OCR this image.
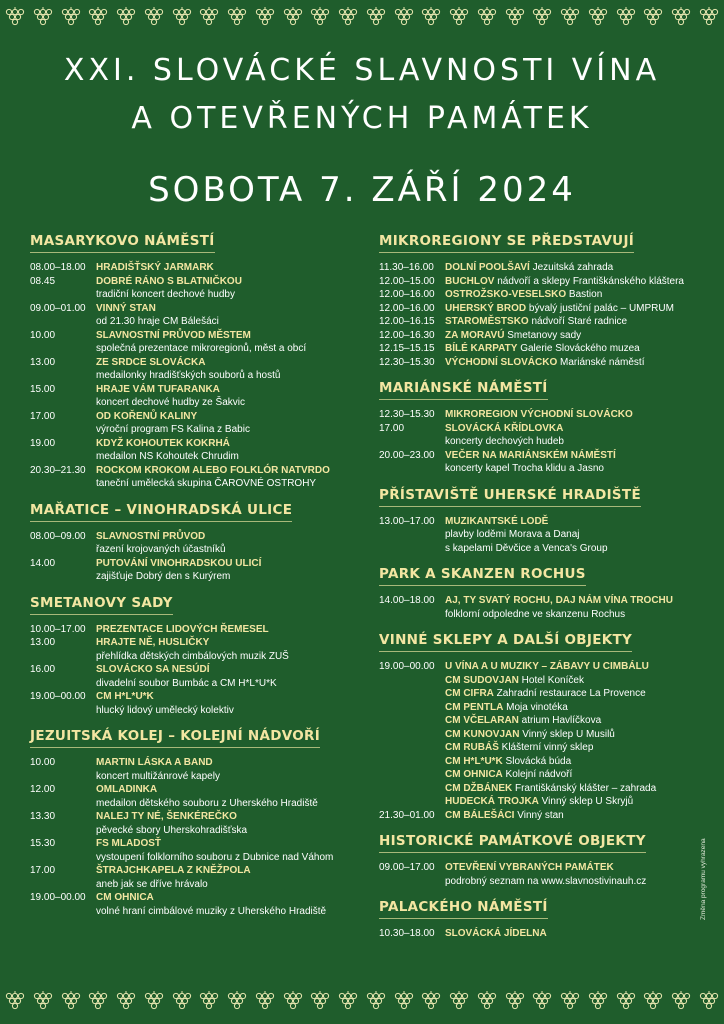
XXI. SLOVÁCKÉ SLAVNOSTI VÍNA
A OTEVŘENÝCH PAMÁTEK
SOBOTA 7. ZÁŘÍ 2024
MASARYKOVO NÁMĚSTÍ
08.00–18.00	HRADIŠŤSKÝ JARMARK
08.45	DOBRÉ RÁNO S BLATNIČKOU
tradiční koncert dechové hudby
09.00–01.00	VINNÝ STAN
od 21.30 hraje CM Bálešáci
10.00	SLAVNOSTNÍ PRŮVOD MĚSTEM
společná prezentace mikroregionů, měst a obcí
13.00	ZE SRDCE SLOVÁCKA
medailonky hradišťských souborů a hostů
15.00	HRAJE VÁM TUFARANKA
koncert dechové hudby ze Šakvic
17.00	OD KOŘENŮ KALINY
výroční program FS Kalina z Babic
19.00	KDYŽ KOHOUTEK KOKRHÁ
medailon NS Kohoutek Chrudim
20.30–21.30	ROCKOM KROKOM ALEBO FOLKLÓR NATVRDO
taneční umělecká skupina ČAROVNÉ OSTROHY
MAŘATICE – VINOHRADSKÁ ULICE
08.00–09.00	SLAVNOSTNÍ PRŮVOD
řazení krojovaných účastníků
14.00	PUTOVÁNÍ VINOHRADSKOU ULICÍ
zajišťuje Dobrý den s Kurýrem
SMETANOVY SADY
10.00–17.00	PREZENTACE LIDOVÝCH ŘEMESEL
13.00	HRAJTE NĚ, HUSLIČKY
přehlídka dětských cimbálových muzik ZUŠ
16.00	SLOVÁCKO SA NESÚDÍ
divadelní soubor Bumbác a CM H*L*U*K
19.00–00.00	CM H*L*U*K
hlucký lidový umělecký kolektiv
JEZUITSKÁ KOLEJ – KOLEJNÍ NÁDVOŘÍ
10.00	MARTIN LÁSKA A BAND
koncert multižánrové kapely
12.00	OMLADINKA
medailon dětského souboru z Uherského Hradiště
13.30	NALEJ TY NÉ, ŠENKÉREČKO
pěvecké sbory Uherskohradišťska
15.30	FS MLADOSŤ
vystoupení folklorního souboru z Dubnice nad Váhom
17.00	ŠTRAJCHKAPELA Z KNĚŽPOLA
aneb jak se dříve hrávalo
19.00–00.00	CM OHNICA
volné hraní cimbálové muziky z Uherského Hradiště
MIKROREGIONY SE PŘEDSTAVUJÍ
11.30–16.00	DOLNÍ POOLŠAVÍ Jezuitská zahrada
12.00–15.00	BUCHLOV nádvoří a sklepy Františkánského kláštera
12.00–16.00	OSTROŽSKO-VESELSKO Bastion
12.00–16.00	UHERSKÝ BROD bývalý justiční palác – UMPRUM
12.00–16.15	STAROMĚSTSKO nádvoří Staré radnice
12.00–16.30	ZA MORAVÚ Smetanovy sady
12.15–15.15	BÍLÉ KARPATY Galerie Slováckého muzea
12.30–15.30	VÝCHODNÍ SLOVÁCKO Mariánské náměstí
MARIÁNSKÉ NÁMĚSTÍ
12.30–15.30	MIKROREGION VÝCHODNÍ SLOVÁCKO
17.00	SLOVÁCKÁ KŘÍDLOVKA
koncerty dechových hudeb
20.00–23.00	VEČER NA MARIÁNSKÉM NÁMĚSTÍ
koncerty kapel Trocha klidu a Jasno
PŘÍSTAVIŠTĚ UHERSKÉ HRADIŠTĚ
13.00–17.00	MUZIKANTSKÉ LODĚ
plavby loděmi Morava a Danaj
s kapelami Děvčice a Venca's Group
PARK A SKANZEN ROCHUS
14.00–18.00	AJ, TY SVATÝ ROCHU, DAJ NÁM VÍNA TROCHU
folklorní odpoledne ve skanzenu Rochus
VINNÉ SKLEPY A DALŠÍ OBJEKTY
19.00–00.00	U VÍNA A U MUZIKY – ZÁBAVY U CIMBÁLU
CM SUDOVJAN Hotel Koníček
CM CIFRA Zahradní restaurace La Provence
CM PENTLA Moja vinotéka
CM VČELARAN atrium Havlíčkova
CM KUNOVJAN Vinný sklep U Musilů
CM RUBÁŠ Klášterní vinný sklep
CM H*L*U*K Slovácká búda
CM OHNICA Kolejní nádvoří
CM DŽBÁNEK Františkánský klášter – zahrada
HUDECKÁ TROJKA Vinný sklep U Skryjů
21.30–01.00	CM BÁLEŠÁCI Vinný stan
HISTORICKÉ PAMÁTKOVÉ OBJEKTY
09.00–17.00	OTEVŘENÍ VYBRANÝCH PAMÁTEK
podrobný seznam na www.slavnostivinauh.cz
PALACKÉHO NÁMĚSTÍ
10.30–18.00	SLOVÁCKÁ JÍDELNA
Změna programu vyhrazena
